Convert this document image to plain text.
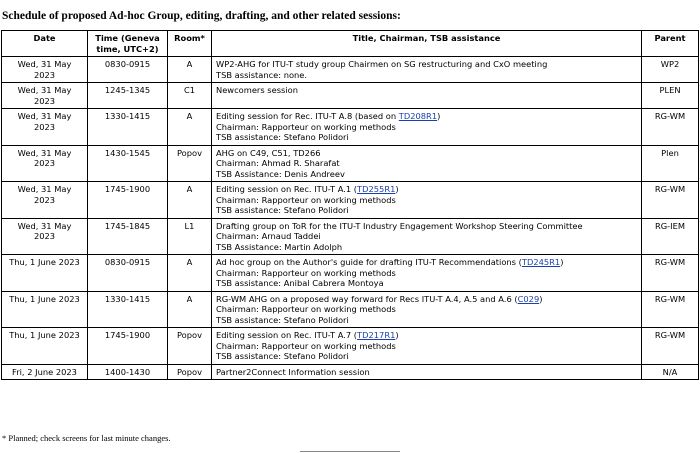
Schedule of proposed Ad-hoc Group, editing, drafting, and other related sessions:
Date	Time (Geneva
time, UTC+2)	Room*	Title, Chairman, TSB assistance	Parent

Wed, 31 May
2023	0830-0915	A	WP2-AHG for ITU-T study group Chairmen on SG restructuring and CxO meeting
TSB assistance: none.	WP2

Wed, 31 May
2023	1245-1345	C1	Newcomers session	PLEN

Wed, 31 May
2023	1330-1415	A	Editing session for Rec. ITU-T A.8 (based on TD208R1)
Chairman: Rapporteur on working methods
TSB assistance: Stefano Polidori	RG-WM

Wed, 31 May
2023	1430-1545	Popov	AHG on C49, C51, TD266
Chairman: Ahmad R. Sharafat
TSB Assistance: Denis Andreev	Plen

Wed, 31 May
2023	1745-1900	A	Editing session on Rec. ITU-T A.1 (TD255R1)
Chairman: Rapporteur on working methods
TSB assistance: Stefano Polidori	RG-WM

Wed, 31 May
2023	1745-1845	L1	Drafting group on ToR for the ITU-T Industry Engagement Workshop Steering Committee
Chairman: Arnaud Taddei
TSB Assistance: Martin Adolph	RG-IEM

Thu, 1 June 2023	0830-0915	A	Ad hoc group on the Author's guide for drafting ITU-T Recommendations (TD245R1)
Chairman: Rapporteur on working methods
TSB assistance: Anibal Cabrera Montoya	RG-WM

Thu, 1 June 2023	1330-1415	A	RG-WM AHG on a proposed way forward for Recs ITU-T A.4, A.5 and A.6 (C029)
Chairman: Rapporteur on working methods
TSB assistance: Stefano Polidori	RG-WM

Thu, 1 June 2023	1745-1900	Popov	Editing session on Rec. ITU-T A.7 (TD217R1)
Chairman: Rapporteur on working methods
TSB assistance: Stefano Polidori	RG-WM

Fri, 2 June 2023	1400-1430	Popov	Partner2Connect Information session	N/A
* Planned; check screens for last minute changes.
